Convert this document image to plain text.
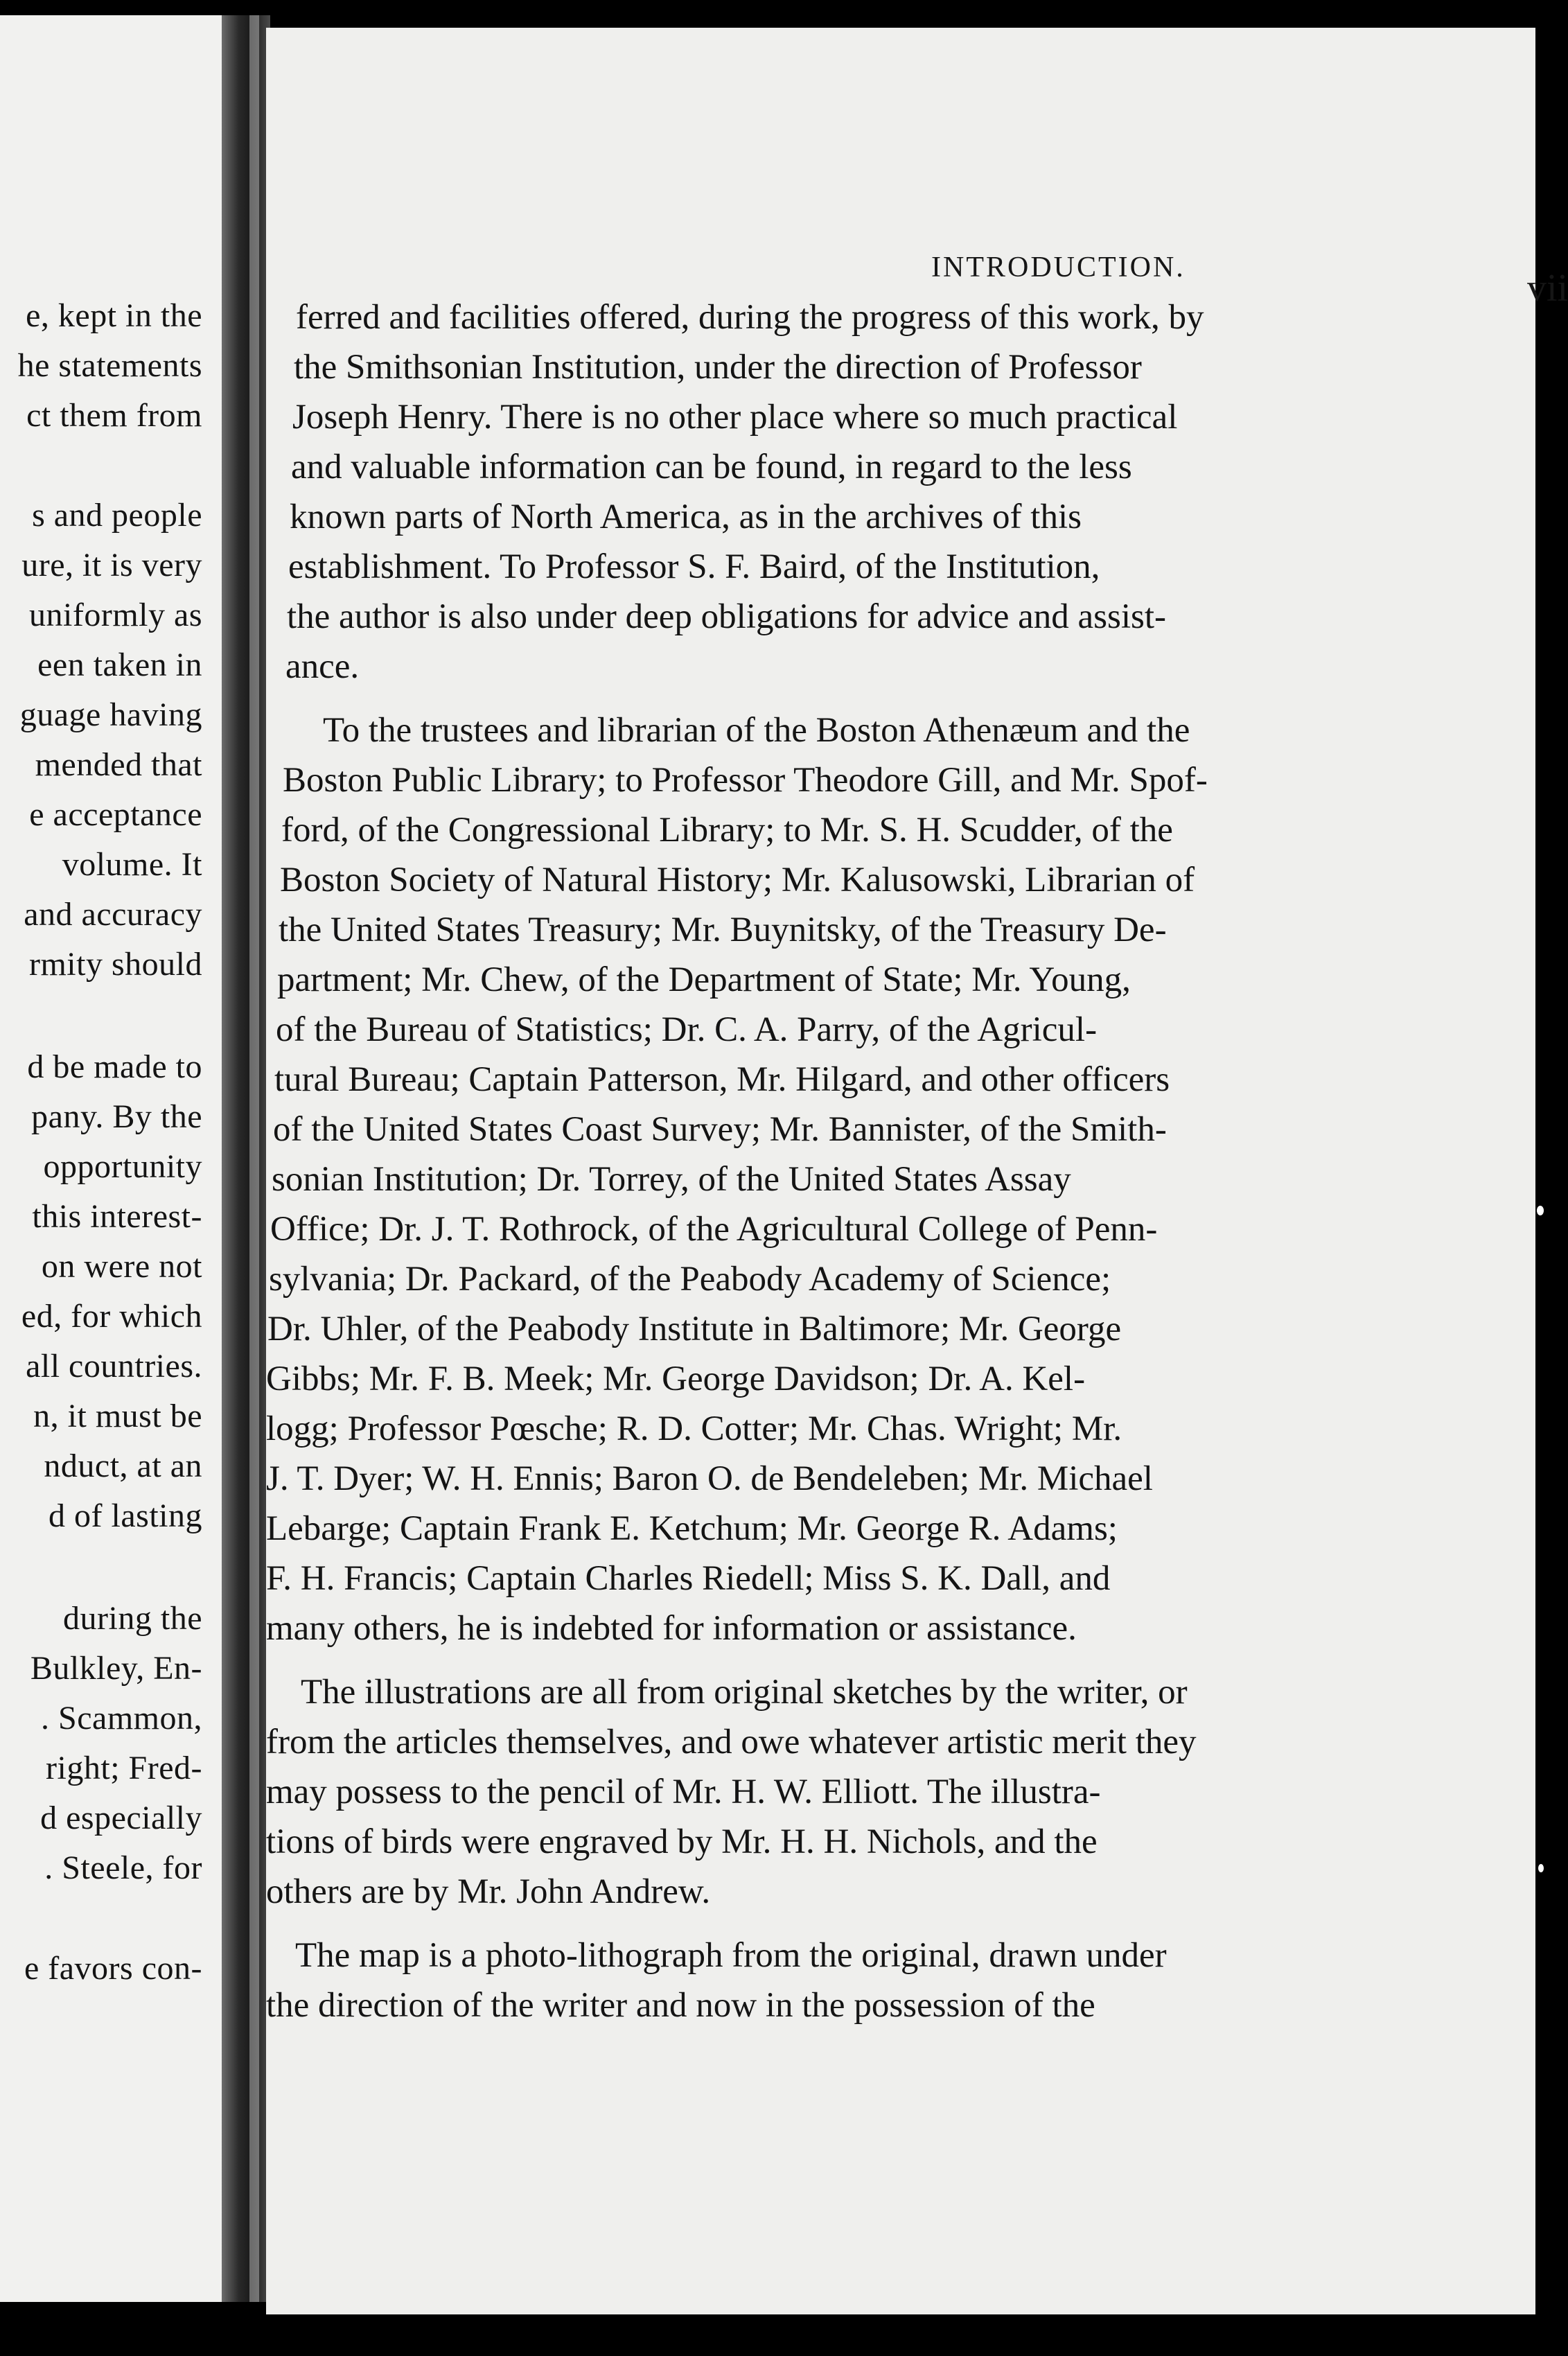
e, kept in the
he statements
ct them from
s and people
ure, it is very
uniformly as
een taken in
guage having
mended that
e acceptance
volume. It
and accuracy
rmity should
d be made to
pany. By the
opportunity
this interest-
on were not
ed, for which
all countries.
n, it must be
nduct, at an
d of lasting
during the
Bulkley, En-
. Scammon,
right; Fred-
d especially
. Steele, for
e favors con-
INTRODUCTION.	vii
ferred and facilities offered, during the progress of this work, by
the Smithsonian Institution, under the direction of Professor
Joseph Henry. There is no other place where so much practical
and valuable information can be found, in regard to the less
known parts of North America, as in the archives of this
establishment. To Professor S. F. Baird, of the Institution,
the author is also under deep obligations for advice and assist-
ance.
To the trustees and librarian of the Boston Athenæum and the
Boston Public Library; to Professor Theodore Gill, and Mr. Spof-
ford, of the Congressional Library; to Mr. S. H. Scudder, of the
Boston Society of Natural History; Mr. Kalusowski, Librarian of
the United States Treasury; Mr. Buynitsky, of the Treasury De-
partment; Mr. Chew, of the Department of State; Mr. Young,
of the Bureau of Statistics; Dr. C. A. Parry, of the Agricul-
tural Bureau; Captain Patterson, Mr. Hilgard, and other officers
of the United States Coast Survey; Mr. Bannister, of the Smith-
sonian Institution; Dr. Torrey, of the United States Assay
Office; Dr. J. T. Rothrock, of the Agricultural College of Penn-
sylvania; Dr. Packard, of the Peabody Academy of Science;
Dr. Uhler, of the Peabody Institute in Baltimore; Mr. George
Gibbs; Mr. F. B. Meek; Mr. George Davidson; Dr. A. Kel-
logg; Professor Pœsche; R. D. Cotter; Mr. Chas. Wright; Mr.
J. T. Dyer; W. H. Ennis; Baron O. de Bendeleben; Mr. Michael
Lebarge; Captain Frank E. Ketchum; Mr. George R. Adams;
F. H. Francis; Captain Charles Riedell; Miss S. K. Dall, and
many others, he is indebted for information or assistance.
The illustrations are all from original sketches by the writer, or
from the articles themselves, and owe whatever artistic merit they
may possess to the pencil of Mr. H. W. Elliott. The illustra-
tions of birds were engraved by Mr. H. H. Nichols, and the
others are by Mr. John Andrew.
The map is a photo-lithograph from the original, drawn under
the direction of the writer and now in the possession of the
